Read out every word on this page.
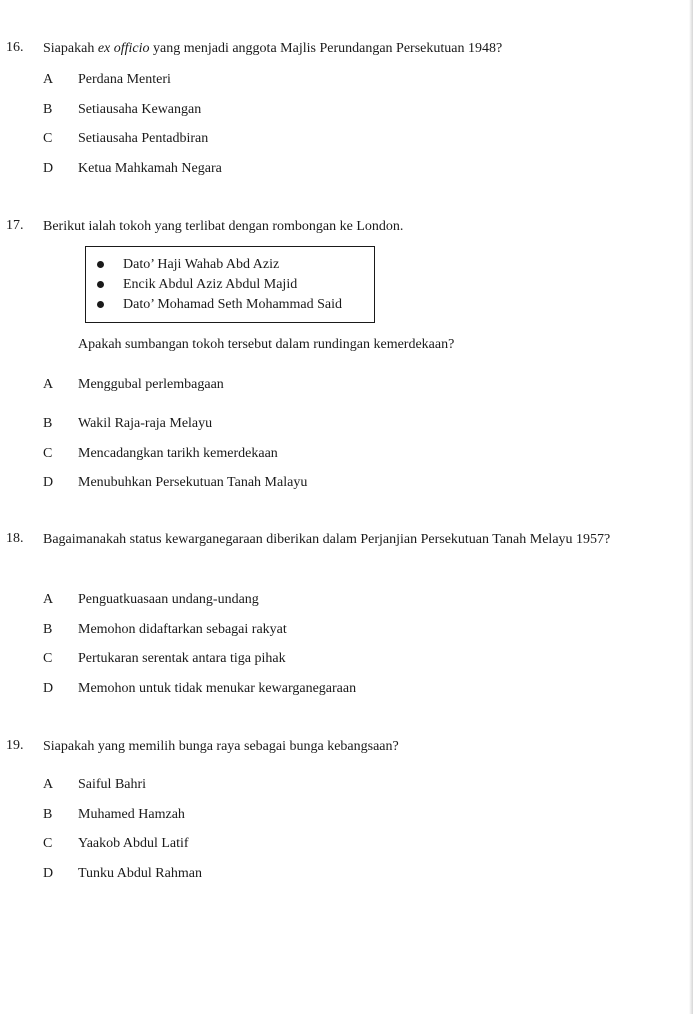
16. Siapakah ex officio yang menjadi anggota Majlis Perundangan Persekutuan 1948?
A Perdana Menteri
B Setiausaha Kewangan
C Setiausaha Pentadbiran
D Ketua Mahkamah Negara
17. Berikut ialah tokoh yang terlibat dengan rombongan ke London.
Dato’ Haji Wahab Abd Aziz
Encik Abdul Aziz Abdul Majid
Dato’ Mohamad Seth Mohammad Said
Apakah sumbangan tokoh tersebut dalam rundingan kemerdekaan?
A Menggubal perlembagaan
B Wakil Raja-raja Melayu
C Mencadangkan tarikh kemerdekaan
D Menubuhkan Persekutuan Tanah Malayu
18. Bagaimanakah status kewarganegaraan diberikan dalam Perjanjian Persekutuan Tanah Melayu 1957?
A Penguatkuasaan undang-undang
B Memohon didaftarkan sebagai rakyat
C Pertukaran serentak antara tiga pihak
D Memohon untuk tidak menukar kewarganegaraan
19. Siapakah yang memilih bunga raya sebagai bunga kebangsaan?
A Saiful Bahri
B Muhamed Hamzah
C Yaakob Abdul Latif
D Tunku Abdul Rahman
